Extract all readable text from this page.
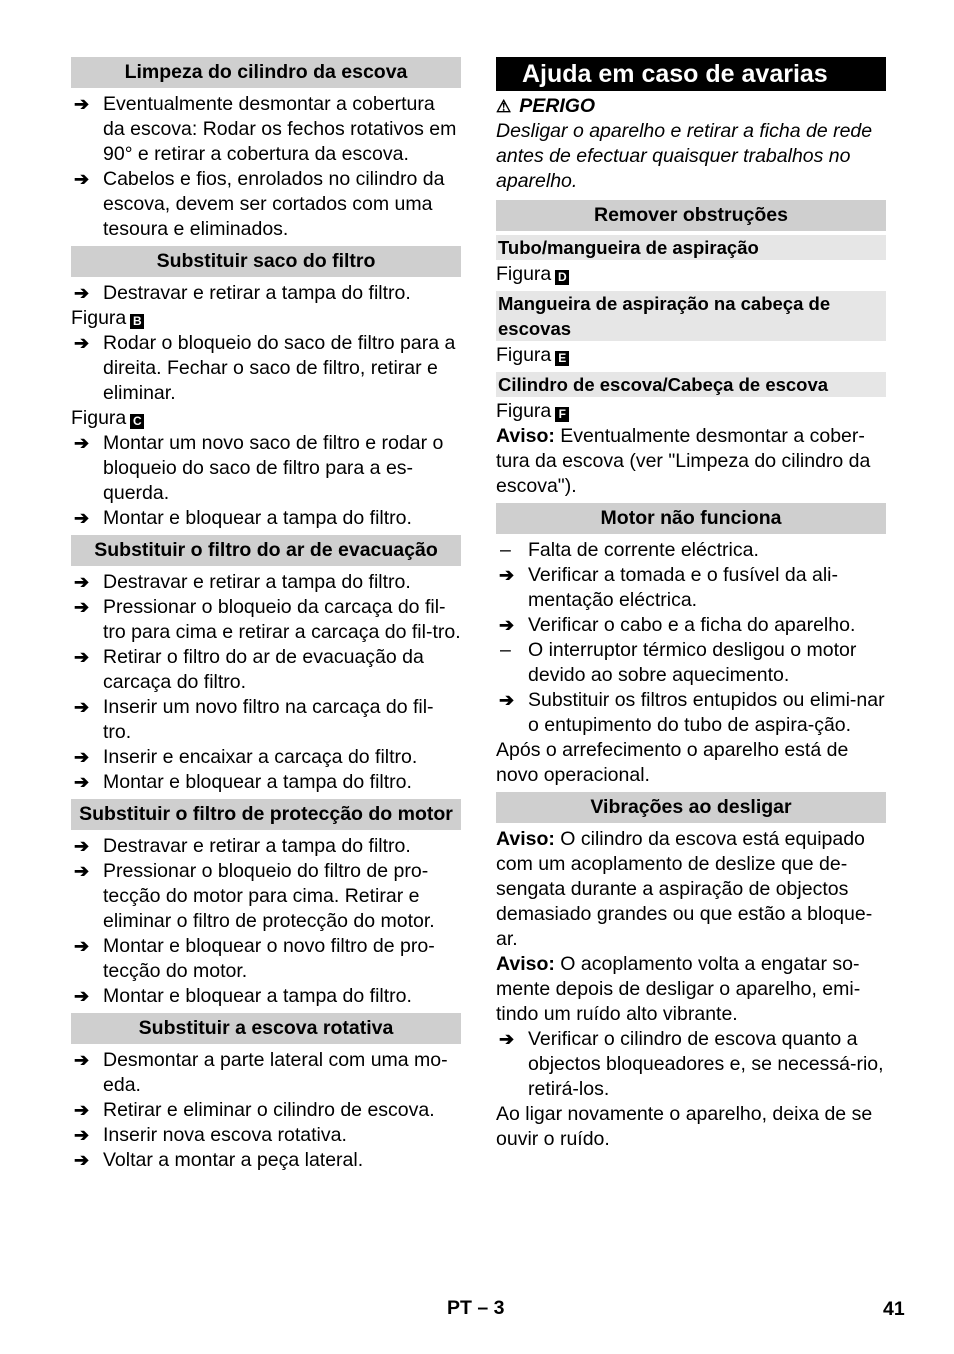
Limpeza do cilindro da escova
➔ Eventualmente desmontar a cobertura da escova: Rodar os fechos rotativos em 90° e retirar a cobertura da escova.
➔ Cabelos e fios, enrolados no cilindro da escova, devem ser cortados com uma tesoura e eliminados.
Substituir saco do filtro
➔ Destravar e retirar a tampa do filtro.
Figura B
➔ Rodar o bloqueio do saco de filtro para a direita. Fechar o saco de filtro, retirar e eliminar.
Figura C
➔ Montar um novo saco de filtro e rodar o bloqueio do saco de filtro para a es-querda.
➔ Montar e bloquear a tampa do filtro.
Substituir o filtro do ar de evacuação
➔ Destravar e retirar a tampa do filtro.
➔ Pressionar o bloqueio da carcaça do fil-tro para cima e retirar a carcaça do fil-tro.
➔ Retirar o filtro do ar de evacuação da carcaça do filtro.
➔ Inserir um novo filtro na carcaça do fil-tro.
➔ Inserir e encaixar a carcaça do filtro.
➔ Montar e bloquear a tampa do filtro.
Substituir o filtro de protecção do motor
➔ Destravar e retirar a tampa do filtro.
➔ Pressionar o bloqueio do filtro de pro-tecção do motor para cima. Retirar e eliminar o filtro de protecção do motor.
➔ Montar e bloquear o novo filtro de pro-tecção do motor.
➔ Montar e bloquear a tampa do filtro.
Substituir a escova rotativa
➔ Desmontar a parte lateral com uma mo-eda.
➔ Retirar e eliminar o cilindro de escova.
➔ Inserir nova escova rotativa.
➔ Voltar a montar a peça lateral.
Ajuda em caso de avarias
⚠ PERIGO
Desligar o aparelho e retirar a ficha de rede antes de efectuar quaisquer trabalhos no aparelho.
Remover obstruções
Tubo/mangueira de aspiração
Figura D
Mangueira de aspiração na cabeça de escovas
Figura E
Cilindro de escova/Cabeça de escova
Figura F
Aviso: Eventualmente desmontar a cober-tura da escova (ver "Limpeza do cilindro da escova").
Motor não funciona
– Falta de corrente eléctrica.
➔ Verificar a tomada e o fusível da ali-mentação eléctrica.
➔ Verificar o cabo e a ficha do aparelho.
– O interruptor térmico desligou o motor devido ao sobre aquecimento.
➔ Substituir os filtros entupidos ou elimi-nar o entupimento do tubo de aspira-ção.
Após o arrefecimento o aparelho está de novo operacional.
Vibrações ao desligar
Aviso: O cilindro da escova está equipado com um acoplamento de deslize que de-sengata durante a aspiração de objectos demasiado grandes ou que estão a bloque-ar.
Aviso: O acoplamento volta a engatar so-mente depois de desligar o aparelho, emi-tindo um ruído alto vibrante.
➔ Verificar o cilindro de escova quanto a objectos bloqueadores e, se necessá-rio, retirá-los.
Ao ligar novamente o aparelho, deixa de se ouvir o ruído.
PT – 3	41
